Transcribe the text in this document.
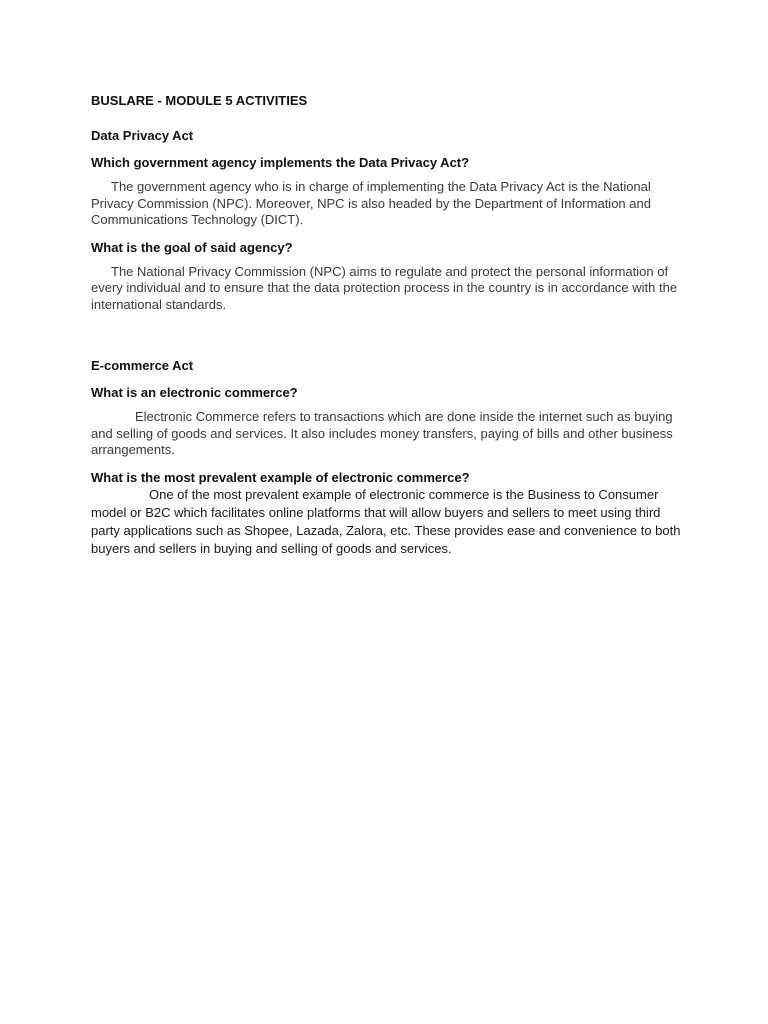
BUSLARE - MODULE 5 ACTIVITIES
Data Privacy Act
Which government agency implements the Data Privacy Act?
The government agency who is in charge of implementing the Data Privacy Act is the National Privacy Commission (NPC). Moreover, NPC is also headed by the Department of Information and Communications Technology (DICT).
What is the goal of said agency?
The National Privacy Commission (NPC) aims to regulate and protect the personal information of every individual and to ensure that the data protection process in the country is in accordance with the international standards.
E-commerce Act
What is an electronic commerce?
Electronic Commerce refers to transactions which are done inside the internet such as buying and selling of goods and services. It also includes money transfers, paying of bills and other business arrangements.
What is the most prevalent example of electronic commerce?
One of the most prevalent example of electronic commerce is the Business to Consumer model or B2C which facilitates online platforms that will allow buyers and sellers to meet using third party applications such as Shopee, Lazada, Zalora, etc. These provides ease and convenience to both buyers and sellers in buying and selling of goods and services.
